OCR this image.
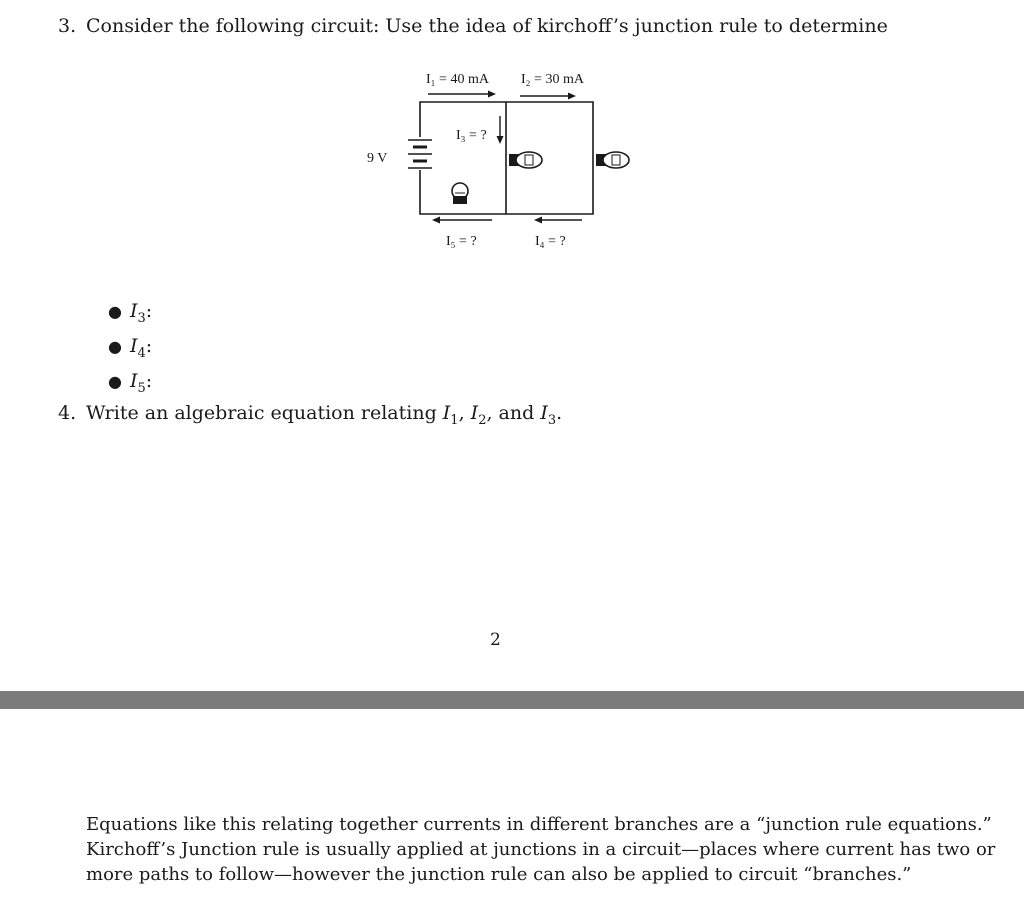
3. Consider the following circuit: Use the idea of kirchoff’s junction rule to determine
9 V
I₁ = 40 mA I₂ = 30 mA
I₃ = ?
I₅ = ?	I₄ = ?
● $I_3$:
● $I_4$:
● $I_5$:
4. Write an algebraic equation relating $I_1$, $I_2$, and $I_3$.
2
Equations like this relating together currents in different branches are a “junction rule equations.”
Kirchoff’s Junction rule is usually applied at junctions in a circuit—places where current has two or
more paths to follow—however the junction rule can also be applied to circuit “branches.”
